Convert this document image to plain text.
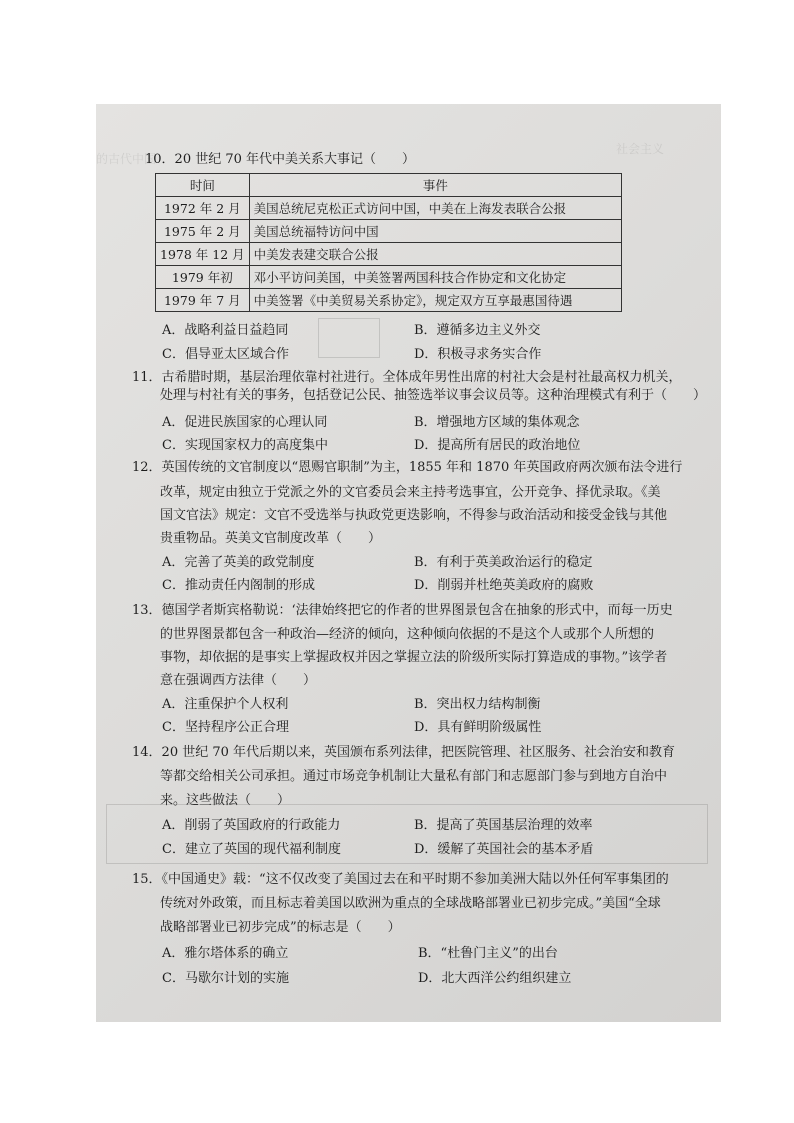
的古代中国
社会主义
10．20 世纪 70 年代中美关系大事记（　　）
时间	事件
1972 年 2 月	美国总统尼克松正式访问中国，中美在上海发表联合公报
1975 年 2 月	美国总统福特访问中国
1978 年 12 月	中美发表建交联合公报
1979 年初	邓小平访问美国，中美签署两国科技合作协定和文化协定
1979 年 7 月	中美签署《中美贸易关系协定》，规定双方互享最惠国待遇
A．战略利益日益趋同	B．遵循多边主义外交
C．倡导亚太区域合作	D．积极寻求务实合作
11．古希腊时期，基层治理依靠村社进行。全体成年男性出席的村社大会是村社最高权力机关，
处理与村社有关的事务，包括登记公民、抽签选举议事会议员等。这种治理模式有利于（　　）
A．促进民族国家的心理认同	B．增强地方区域的集体观念
C．实现国家权力的高度集中	D．提高所有居民的政治地位
12．英国传统的文官制度以“恩赐官职制”为主，1855 年和 1870 年英国政府两次颁布法令进行
改革，规定由独立于党派之外的文官委员会来主持考选事宜，公开竞争、择优录取。《美
国文官法》规定：文官不受选举与执政党更迭影响，不得参与政治活动和接受金钱与其他
贵重物品。英美文官制度改革（　　）
A．完善了英美的政党制度	B．有利于英美政治运行的稳定
C．推动责任内阁制的形成	D．削弱并杜绝英美政府的腐败
13．德国学者斯宾格勒说：‘法律始终把它的作者的世界图景包含在抽象的形式中，而每一历史
的世界图景都包含一种政治—经济的倾向，这种倾向依据的不是这个人或那个人所想的
事物，却依据的是事实上掌握政权并因之掌握立法的阶级所实际打算造成的事物。”该学者
意在强调西方法律（　　）
A．注重保护个人权利	B．突出权力结构制衡
C．坚持程序公正合理	D．具有鲜明阶级属性
14．20 世纪 70 年代后期以来，英国颁布系列法律，把医院管理、社区服务、社会治安和教育
等都交给相关公司承担。通过市场竞争机制让大量私有部门和志愿部门参与到地方自治中
来。这些做法（　　）
A．削弱了英国政府的行政能力	B．提高了英国基层治理的效率
C．建立了英国的现代福利制度	D．缓解了英国社会的基本矛盾
15．《中国通史》载：“这不仅改变了美国过去在和平时期不参加美洲大陆以外任何军事集团的
传统对外政策，而且标志着美国以欧洲为重点的全球战略部署业已初步完成。”美国“全球
战略部署业已初步完成”的标志是（　　）
A．雅尔塔体系的确立	B．“杜鲁门主义”的出台
C．马歇尔计划的实施	D．北大西洋公约组织建立
